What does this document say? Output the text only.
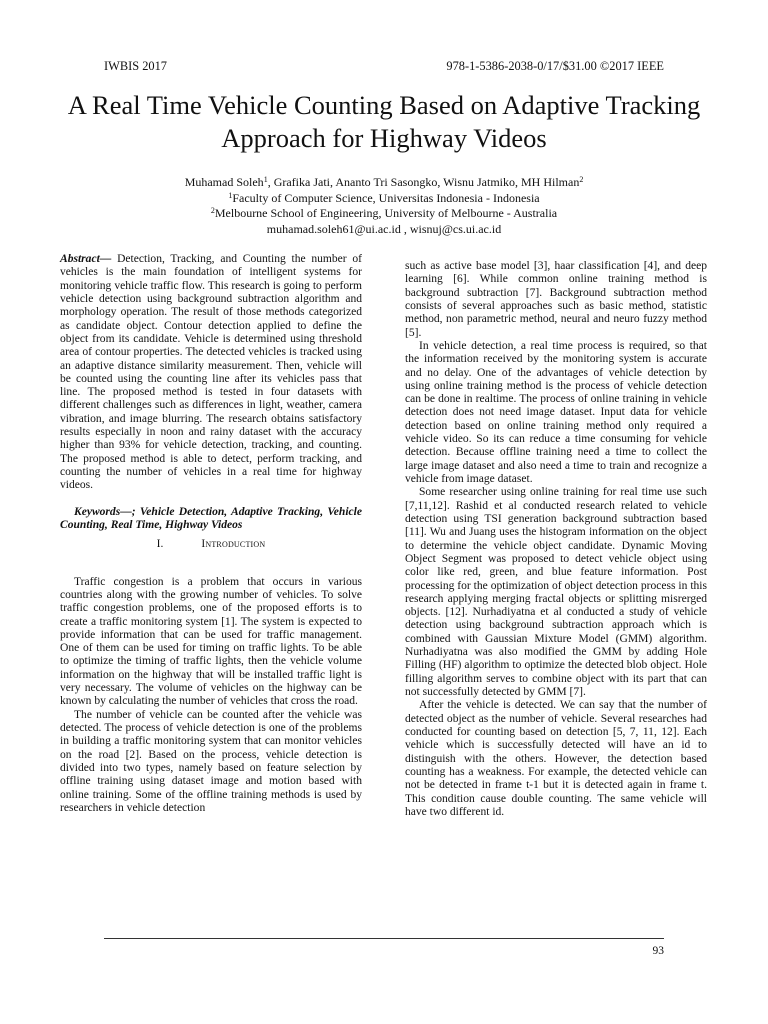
IWBIS 2017	978-1-5386-2038-0/17/$31.00 ©2017 IEEE
A Real Time Vehicle Counting Based on Adaptive Tracking Approach for Highway Videos
Muhamad Soleh$^1$, Grafika Jati, Ananto Tri Sasongko, Wisnu Jatmiko, MH Hilman$^2$
$^1$Faculty of Computer Science, Universitas Indonesia - Indonesia
$^2$Melbourne School of Engineering, University of Melbourne - Australia
muhamad.soleh61@ui.ac.id , wisnuj@cs.ui.ac.id

Abstract— Detection, Tracking, and Counting the number of vehicles is the main foundation of intelligent systems for monitoring vehicle traffic flow. This research is going to perform vehicle detection using background subtraction algorithm and morphology operation. The result of those methods categorized as candidate object. Contour detection applied to define the object from its candidate. Vehicle is determined using threshold area of contour properties. The detected vehicles is tracked using an adaptive distance similarity measurement. Then, vehicle will be counted using the counting line after its vehicles pass that line. The proposed method is tested in four datasets with different challenges such as differences in light, weather, camera vibration, and image blurring. The research obtains satisfactory results especially in noon and rainy dataset with the accuracy higher than 93% for vehicle detection, tracking, and counting. The proposed method is able to detect, perform tracking, and counting the number of vehicles in a real time for highway videos.

Keywords—; Vehicle Detection, Adaptive Tracking, Vehicle Counting, Real Time, Highway Videos

I.	Introduction

Traffic congestion is a problem that occurs in various countries along with the growing number of vehicles. To solve traffic congestion problems, one of the proposed efforts is to create a traffic monitoring system [1]. The system is expected to provide information that can be used for traffic management. One of them can be used for timing on traffic lights. To be able to optimize the timing of traffic lights, then the vehicle volume information on the highway that will be installed traffic light is very necessary. The volume of vehicles on the highway can be known by calculating the number of vehicles that cross the road.

The number of vehicle can be counted after the vehicle was detected. The process of vehicle detection is one of the problems in building a traffic monitoring system that can monitor vehicles on the road [2]. Based on the process, vehicle detection is divided into two types, namely based on feature selection by offline training using dataset image and motion based with online training. Some of the offline training methods is used by researchers in vehicle detection

such as active base model [3], haar classification [4], and deep learning [6]. While common online training method is background subtraction [7]. Background subtraction method consists of several approaches such as basic method, statistic method, non parametric method, neural and neuro fuzzy method [5].

In vehicle detection, a real time process is required, so that the information received by the monitoring system is accurate and no delay. One of the advantages of vehicle detection by using online training method is the process of vehicle detection can be done in realtime. The process of online training in vehicle detection does not need image dataset. Input data for vehicle detection based on online training method only required a vehicle video. So its can reduce a time consuming for vehicle detection. Because offline training need a time to collect the large image dataset and also need a time to train and recognize a vehicle from image dataset.

Some researcher using online training for real time use such [7,11,12]. Rashid et al conducted research related to vehicle detection using TSI generation background subtraction based [11]. Wu and Juang uses the histogram information on the object to determine the vehicle object candidate. Dynamic Moving Object Segment was proposed to detect vehicle object using color like red, green, and blue feature information. Post processing for the optimization of object detection process in this research applying merging fractal objects or splitting misrerged objects. [12]. Nurhadiyatna et al conducted a study of vehicle detection using background subtraction approach which is combined with Gaussian Mixture Model (GMM) algorithm. Nurhadiyatna was also modified the GMM by adding Hole Filling (HF) algorithm to optimize the detected blob object. Hole filling algorithm serves to combine object with its part that can not successfully detected by GMM [7].

After the vehicle is detected. We can say that the number of detected object as the number of vehicle. Several researches had conducted for counting based on detection [5, 7, 11, 12]. Each vehicle which is successfully detected will have an id to distinguish with the others. However, the detection based counting has a weakness. For example, the detected vehicle can not be detected in frame t-1 but it is detected again in frame t. This condition cause double counting. The same vehicle will have two different id.

93
